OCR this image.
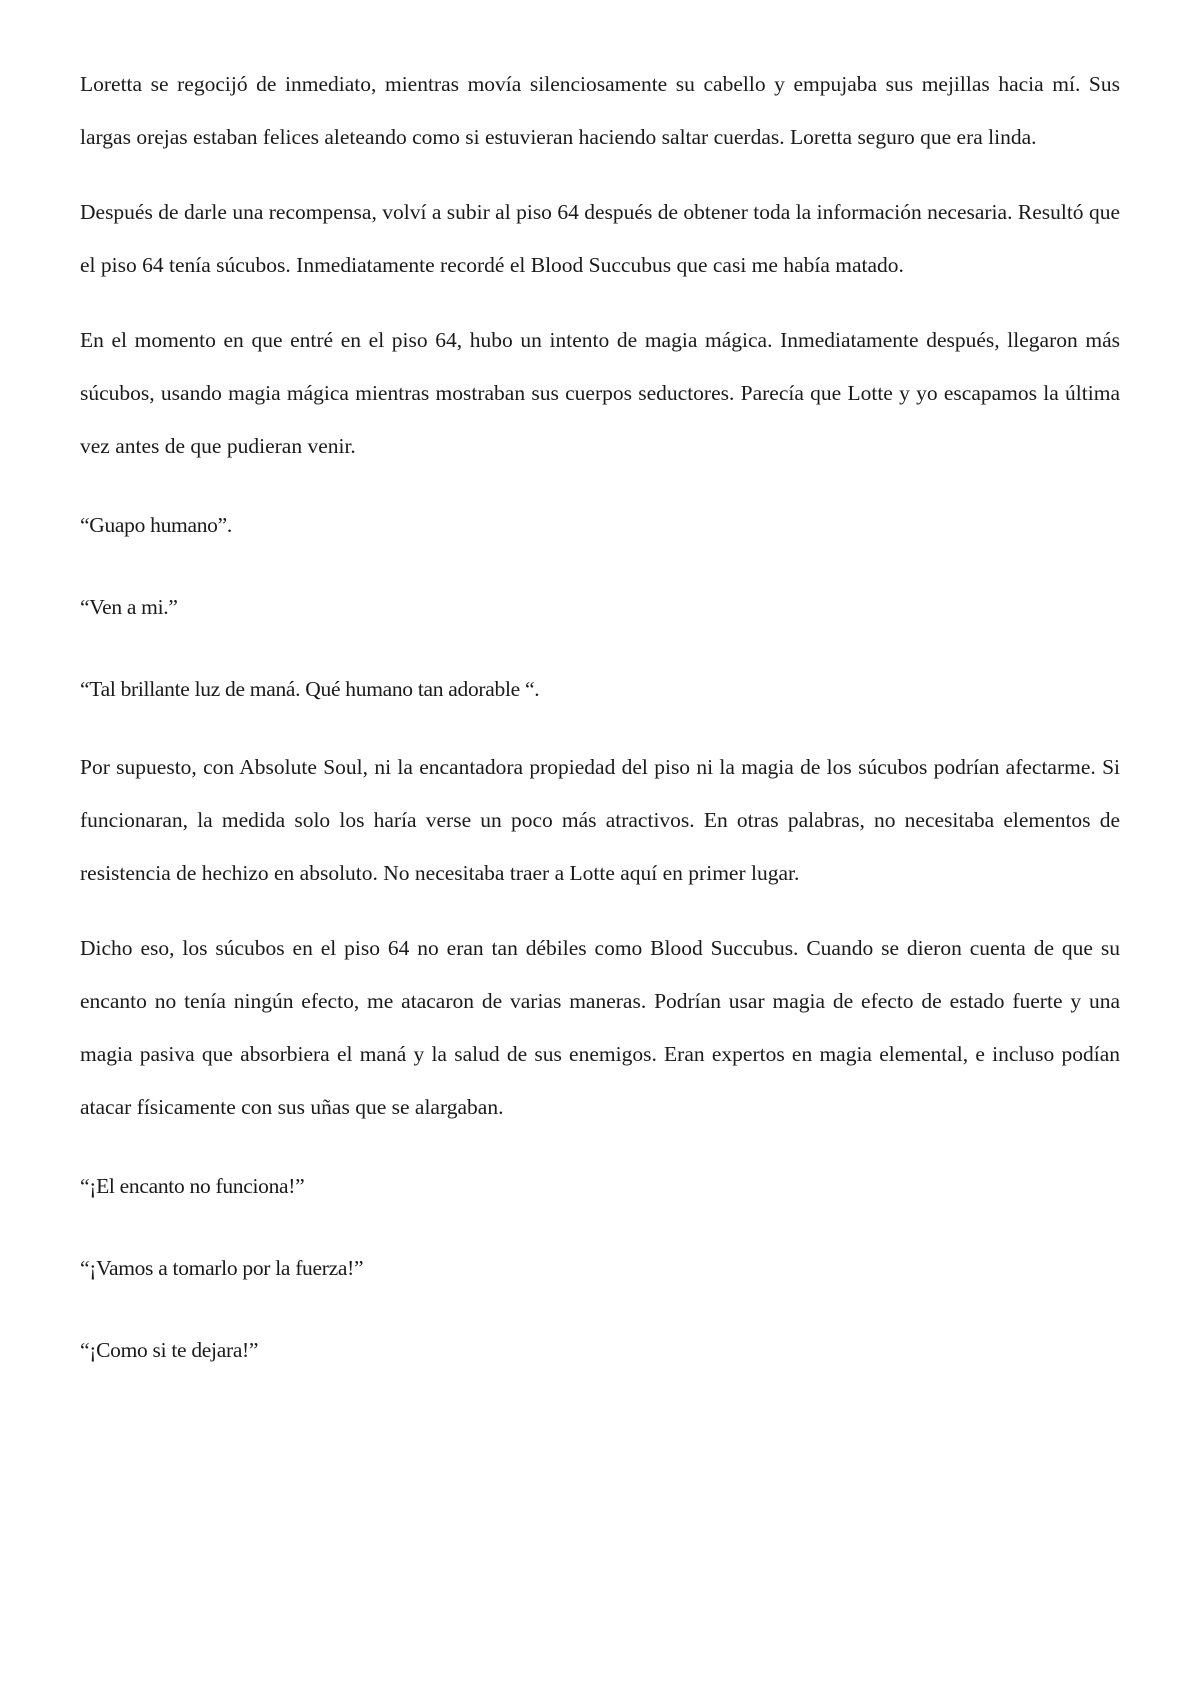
Loretta se regocijó de inmediato, mientras movía silenciosamente su cabello y empujaba sus mejillas hacia mí. Sus largas orejas estaban felices aleteando como si estuvieran haciendo saltar cuerdas. Loretta seguro que era linda.

Después de darle una recompensa, volví a subir al piso 64 después de obtener toda la información necesaria. Resultó que el piso 64 tenía súcubos. Inmediatamente recordé el Blood Succubus que casi me había matado.

En el momento en que entré en el piso 64, hubo un intento de magia mágica. Inmediatamente después, llegaron más súcubos, usando magia mágica mientras mostraban sus cuerpos seductores. Parecía que Lotte y yo escapamos la última vez antes de que pudieran venir.

“Guapo humano”.

“Ven a mi.”

“Tal brillante luz de maná. Qué humano tan adorable “.

Por supuesto, con Absolute Soul, ni la encantadora propiedad del piso ni la magia de los súcubos podrían afectarme. Si funcionaran, la medida solo los haría verse un poco más atractivos. En otras palabras, no necesitaba elementos de resistencia de hechizo en absoluto. No necesitaba traer a Lotte aquí en primer lugar.

Dicho eso, los súcubos en el piso 64 no eran tan débiles como Blood Succubus. Cuando se dieron cuenta de que su encanto no tenía ningún efecto, me atacaron de varias maneras. Podrían usar magia de efecto de estado fuerte y una magia pasiva que absorbiera el maná y la salud de sus enemigos. Eran expertos en magia elemental, e incluso podían atacar físicamente con sus uñas que se alargaban.

“¡El encanto no funciona!”

“¡Vamos a tomarlo por la fuerza!”

“¡Como si te dejara!”
